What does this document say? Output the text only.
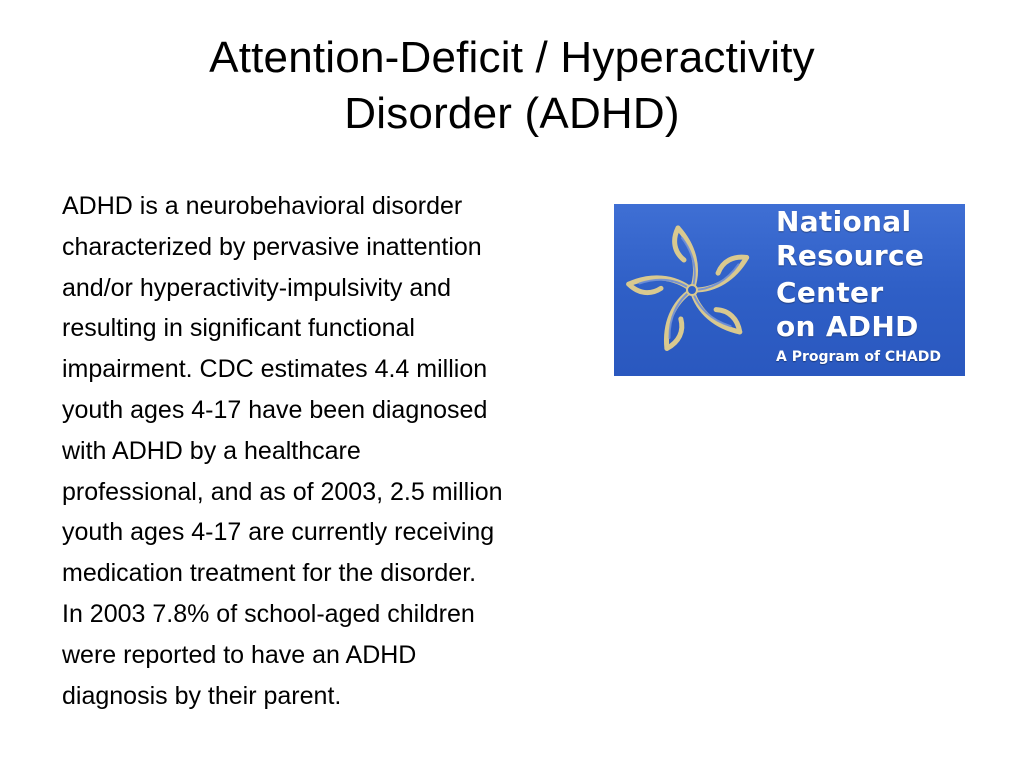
Attention-Deficit / Hyperactivity
Disorder (ADHD)

ADHD is a neurobehavioral disorder
characterized by pervasive inattention
and/or hyperactivity-impulsivity and
resulting in significant functional
impairment. CDC estimates 4.4 million
youth ages 4-17 have been diagnosed
with ADHD by a healthcare
professional, and as of 2003, 2.5 million
youth ages 4-17 are currently receiving
medication treatment for the disorder.
In 2003 7.8% of school-aged children
were reported to have an ADHD
diagnosis by their parent.

National
Resource
Center
on ADHD
A Program of CHADD
